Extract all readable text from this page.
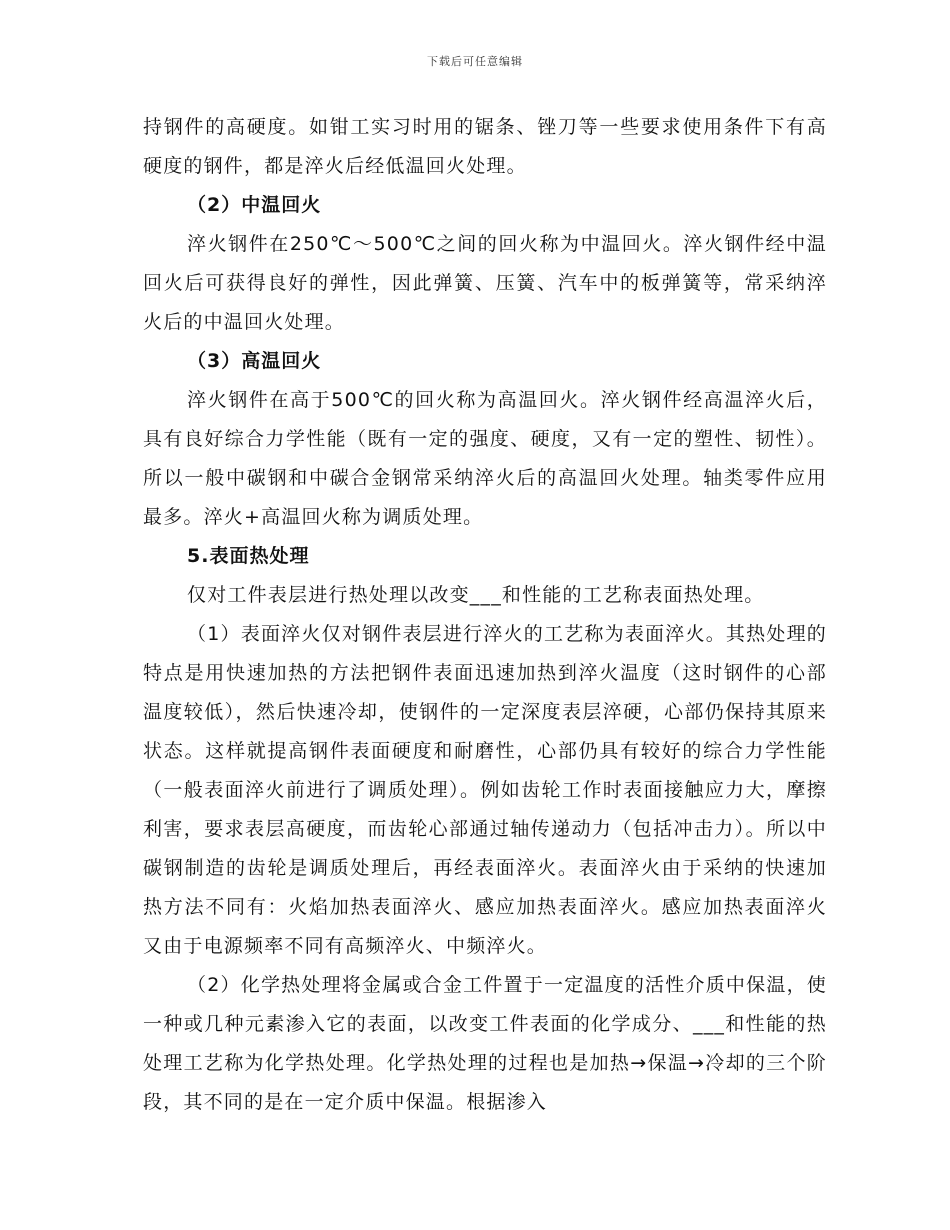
下载后可任意编辑

持钢件的高硬度。如钳工实习时用的锯条、锉刀等一些要求使用条件下有高硬度的钢件，都是淬火后经低温回火处理。

（2）中温回火

淬火钢件在250℃～500℃之间的回火称为中温回火。淬火钢件经中温回火后可获得良好的弹性，因此弹簧、压簧、汽车中的板弹簧等，常采纳淬火后的中温回火处理。

（3）高温回火

淬火钢件在高于500℃的回火称为高温回火。淬火钢件经高温淬火后，具有良好综合力学性能（既有一定的强度、硬度，又有一定的塑性、韧性）。所以一般中碳钢和中碳合金钢常采纳淬火后的高温回火处理。轴类零件应用最多。淬火+高温回火称为调质处理。

5.表面热处理

仅对工件表层进行热处理以改变___和性能的工艺称表面热处理。

（1）表面淬火仅对钢件表层进行淬火的工艺称为表面淬火。其热处理的特点是用快速加热的方法把钢件表面迅速加热到淬火温度（这时钢件的心部温度较低），然后快速冷却，使钢件的一定深度表层淬硬，心部仍保持其原来状态。这样就提高钢件表面硬度和耐磨性，心部仍具有较好的综合力学性能（一般表面淬火前进行了调质处理）。例如齿轮工作时表面接触应力大，摩擦利害，要求表层高硬度，而齿轮心部通过轴传递动力（包括冲击力）。所以中碳钢制造的齿轮是调质处理后，再经表面淬火。表面淬火由于采纳的快速加热方法不同有：火焰加热表面淬火、感应加热表面淬火。感应加热表面淬火又由于电源频率不同有高频淬火、中频淬火。

（2）化学热处理将金属或合金工件置于一定温度的活性介质中保温，使一种或几种元素渗入它的表面，以改变工件表面的化学成分、___和性能的热处理工艺称为化学热处理。化学热处理的过程也是加热→保温→冷却的三个阶段，其不同的是在一定介质中保温。根据渗入
